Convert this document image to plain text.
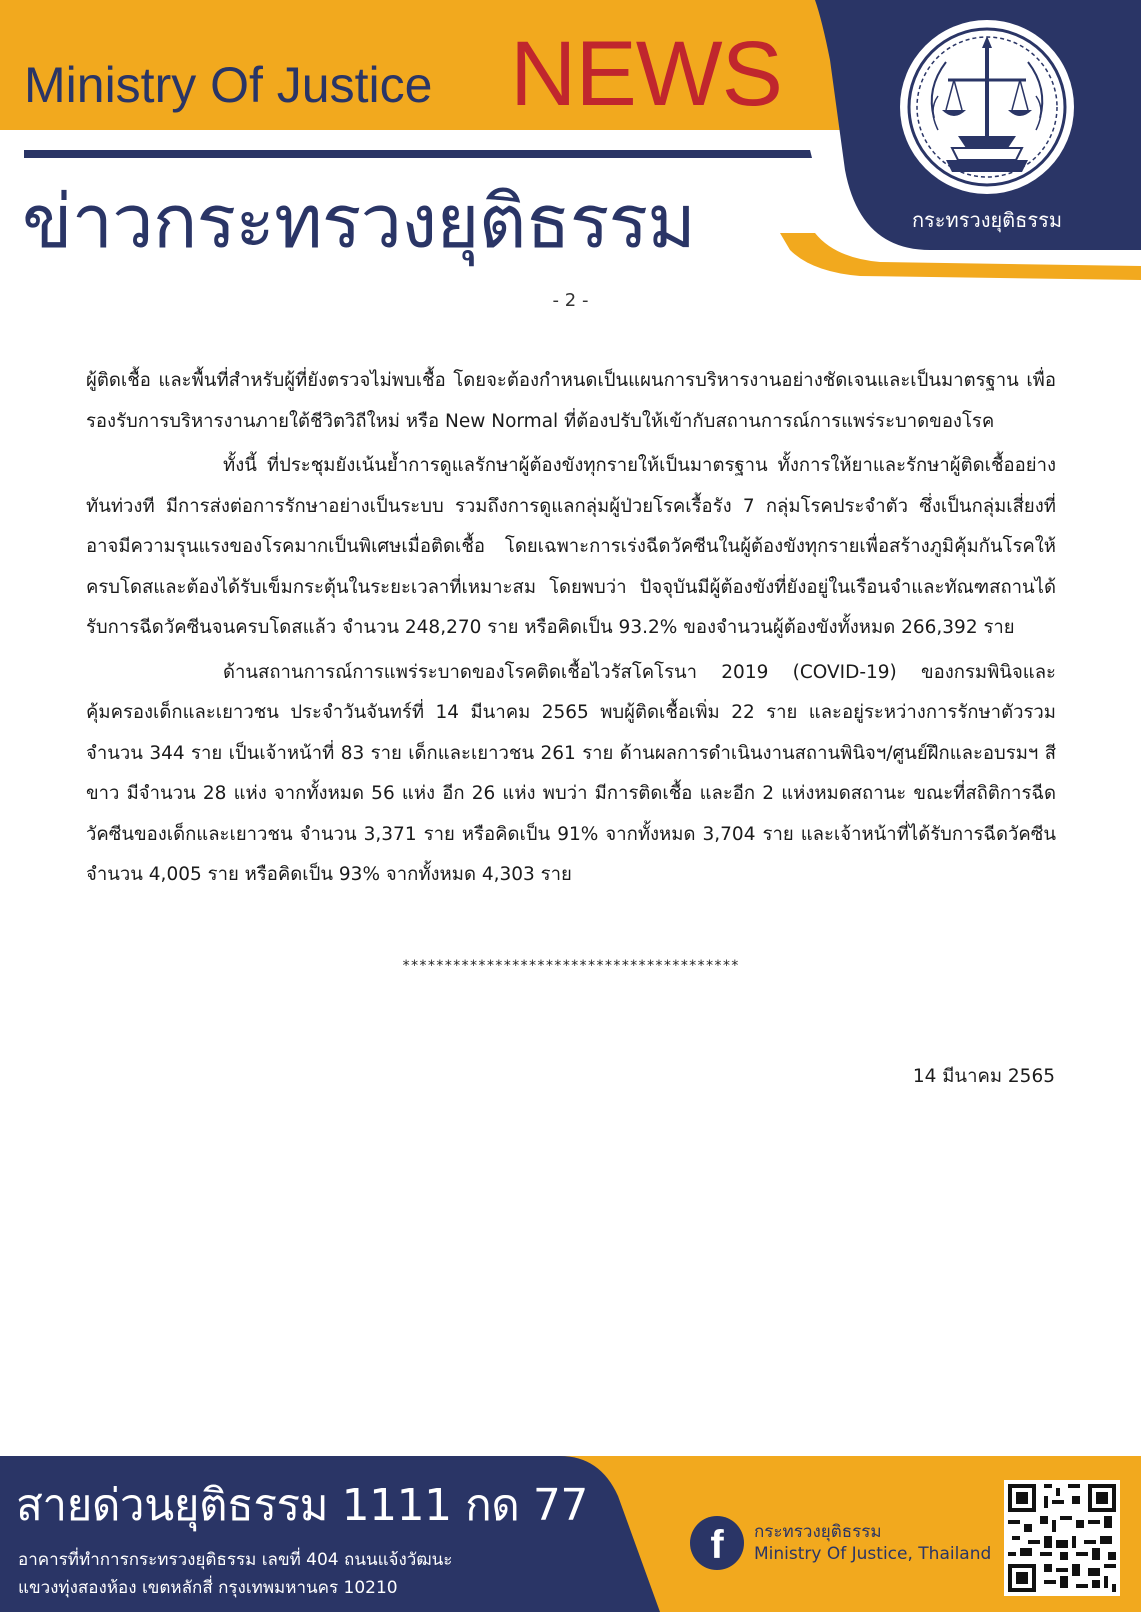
Ministry Of Justice NEWS
ข่าวกระทรวงยุติธรรม	กระทรวงยุติธรรม
- 2 -

ผู้ติดเชื้อ และพื้นที่สำหรับผู้ที่ยังตรวจไม่พบเชื้อ โดยจะต้องกำหนดเป็นแผนการบริหารงานอย่างชัดเจนและเป็นมาตรฐาน เพื่อรองรับการบริหารงานภายใต้ชีวิตวิถีใหม่ หรือ New Normal ที่ต้องปรับให้เข้ากับสถานการณ์การแพร่ระบาดของโรค

ทั้งนี้ ที่ประชุมยังเน้นย้ำการดูแลรักษาผู้ต้องขังทุกรายให้เป็นมาตรฐาน ทั้งการให้ยาและรักษาผู้ติดเชื้ออย่างทันท่วงที มีการส่งต่อการรักษาอย่างเป็นระบบ รวมถึงการดูแลกลุ่มผู้ป่วยโรคเรื้อรัง 7 กลุ่มโรคประจำตัว ซึ่งเป็นกลุ่มเสี่ยงที่อาจมีความรุนแรงของโรคมากเป็นพิเศษเมื่อติดเชื้อ โดยเฉพาะการเร่งฉีดวัคซีนในผู้ต้องขังทุกรายเพื่อสร้างภูมิคุ้มกันโรคให้ครบโดสและต้องได้รับเข็มกระตุ้นในระยะเวลาที่เหมาะสม โดยพบว่า ปัจจุบันมีผู้ต้องขังที่ยังอยู่ในเรือนจำและทัณฑสถานได้รับการฉีดวัคซีนจนครบโดสแล้ว จำนวน 248,270 ราย หรือคิดเป็น 93.2% ของจำนวนผู้ต้องขังทั้งหมด 266,392 ราย

ด้านสถานการณ์การแพร่ระบาดของโรคติดเชื้อไวรัสโคโรนา 2019 (COVID-19) ของกรมพินิจและคุ้มครองเด็กและเยาวชน ประจำวันจันทร์ที่ 14 มีนาคม 2565 พบผู้ติดเชื้อเพิ่ม 22 ราย และอยู่ระหว่างการรักษาตัวรวมจำนวน 344 ราย เป็นเจ้าหน้าที่ 83 ราย เด็กและเยาวชน 261 ราย ด้านผลการดำเนินงานสถานพินิจฯ/ศูนย์ฝึกและอบรมฯ สีขาว มีจำนวน 28 แห่ง จากทั้งหมด 56 แห่ง อีก 26 แห่ง พบว่า มีการติดเชื้อ และอีก 2 แห่งหมดสถานะ ขณะที่สถิติการฉีดวัคซีนของเด็กและเยาวชน จำนวน 3,371 ราย หรือคิดเป็น 91% จากทั้งหมด 3,704 ราย และเจ้าหน้าที่ได้รับการฉีดวัคซีน จำนวน 4,005 ราย หรือคิดเป็น 93% จากทั้งหมด 4,303 ราย

****************************************
14 มีนาคม 2565
สายด่วนยุติธรรม 1111 กด 77
อาคารที่ทำการกระทรวงยุติธรรม เลขที่ 404 ถนนแจ้งวัฒนะ
แขวงทุ่งสองห้อง เขตหลักสี่ กรุงเทพมหานคร 10210
f	กระทรวงยุติธรรม
Ministry Of Justice, Thailand
